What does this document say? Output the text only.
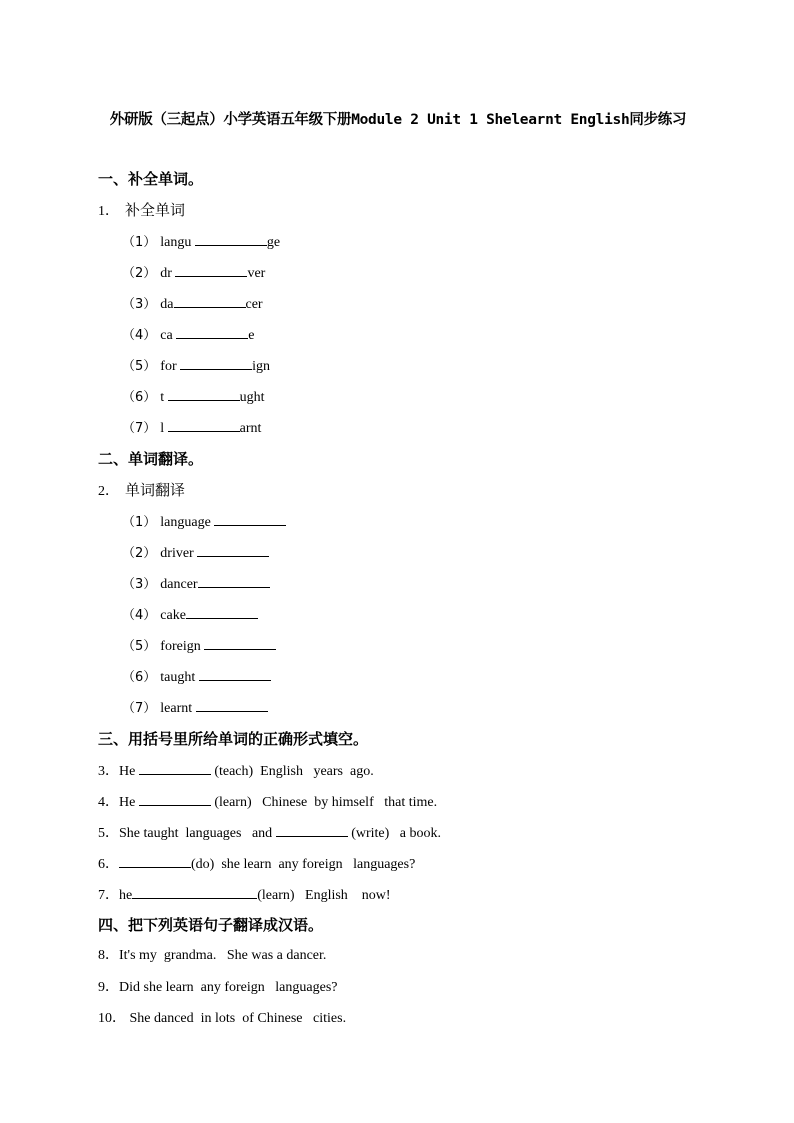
外研版（三起点）小学英语五年级下册Module 2 Unit 1 Shelearnt English同步练习
一、补全单词。
1． 补全单词
（1） langu	ge
（2） dr	ver
（3） da	cer
（4） ca	e
（5） for	ign
（6） t	ught
（7） l	arnt
二、单词翻译。
2． 单词翻译
（1） language
（2） driver
（3） dancer
（4） cake
（5） foreign
（6） taught
（7） learnt
三、用括号里所给单词的正确形式填空。
3．He	(teach)  English   years  ago.
4．He	(learn)   Chinese  by himself   that time.
5．She taught  languages   and	(write)   a book.
6．	(do)  she learn  any foreign   languages?
7．he	(learn)   English    now!
四、把下列英语句子翻译成汉语。
8．It's my  grandma.   She was a dancer.
9．Did she learn  any foreign   languages?
10． She danced  in lots  of Chinese   cities.
